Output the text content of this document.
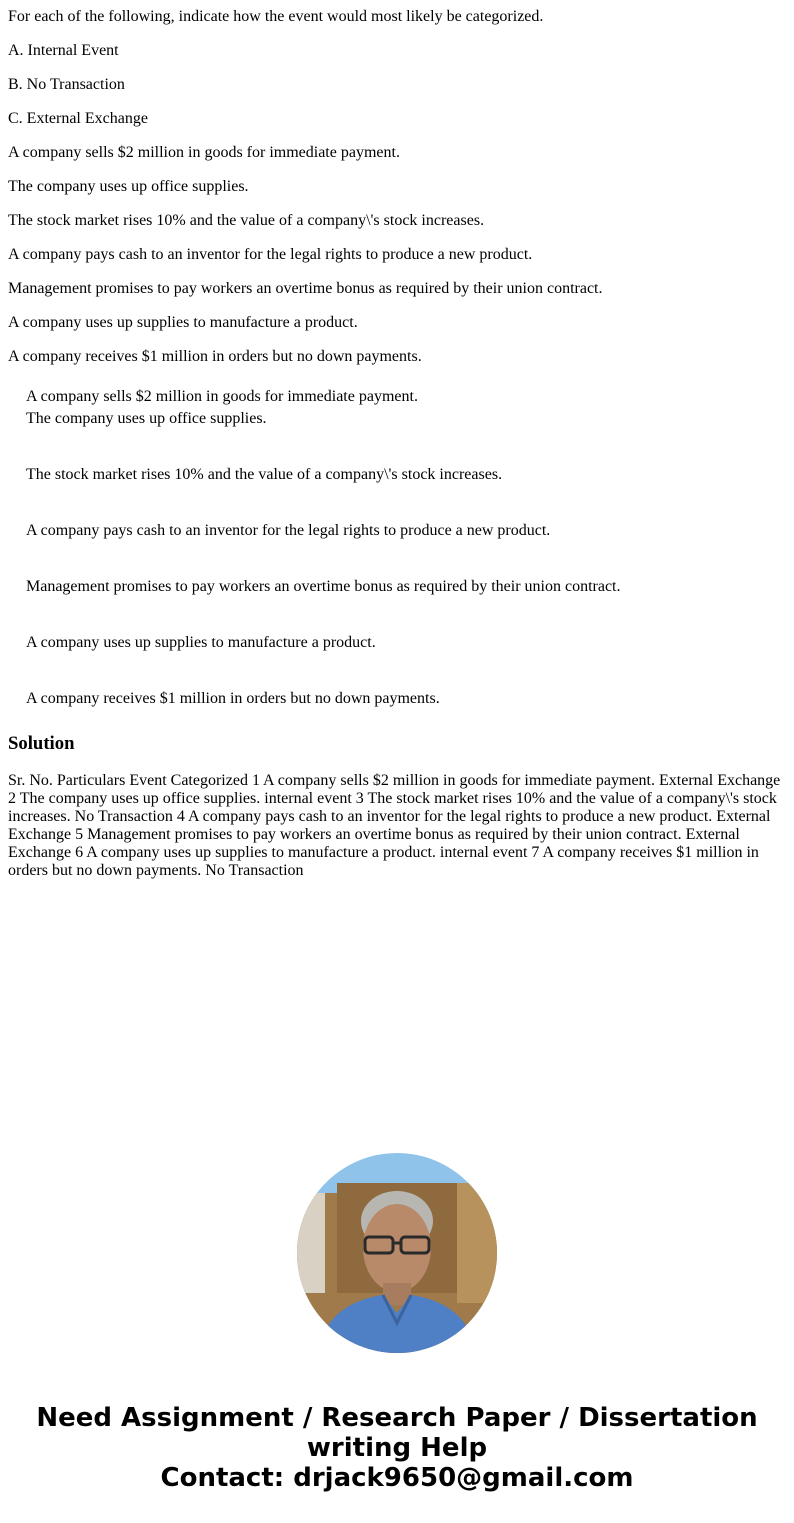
For each of the following, indicate how the event would most likely be categorized.

A. Internal Event

B. No Transaction

C. External Exchange

A company sells $2 million in goods for immediate payment.

The company uses up office supplies.

The stock market rises 10% and the value of a company\'s stock increases.

A company pays cash to an inventor for the legal rights to produce a new product.

Management promises to pay workers an overtime bonus as required by their union contract.

A company uses up supplies to manufacture a product.

A company receives $1 million in orders but no down payments.

A company sells $2 million in goods for immediate payment.
The company uses up office supplies.
The stock market rises 10% and the value of a company\'s stock increases.
A company pays cash to an inventor for the legal rights to produce a new product.
Management promises to pay workers an overtime bonus as required by their union contract.
A company uses up supplies to manufacture a product.
A company receives $1 million in orders but no down payments.
Solution

Sr. No. Particulars Event Categorized 1 A company sells $2 million in goods for immediate payment. External Exchange 2 The company uses up office supplies. internal event 3 The stock market rises 10% and the value of a company\'s stock increases. No Transaction 4 A company pays cash to an inventor for the legal rights to produce a new product. External Exchange 5 Management promises to pay workers an overtime bonus as required by their union contract. External Exchange 6 A company uses up supplies to manufacture a product. internal event 7 A company receives $1 million in orders but no down payments. No Transaction

Need Assignment / Research Paper / Dissertation
writing Help
Contact: drjack9650@gmail.com
